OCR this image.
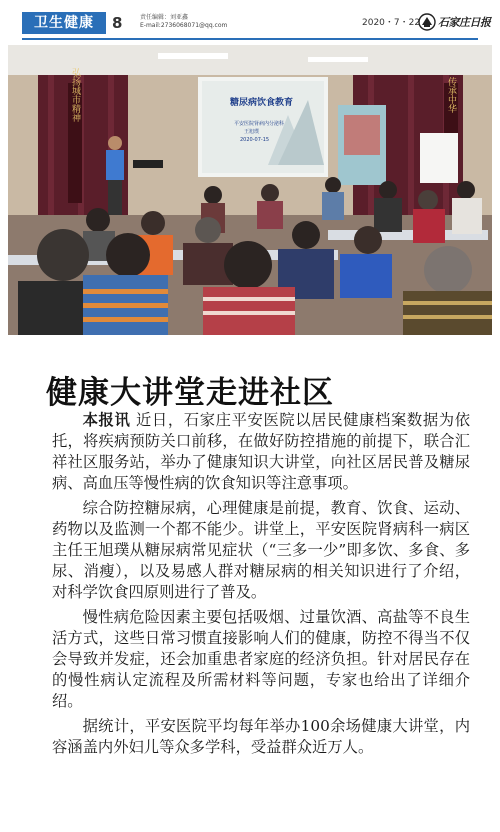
卫生健康	8	责任编辑：刘亚鑫
E-mail:2736068071@qq.com	2020・7・22 石家庄日报
弘扬城市精神	传承中华
糖尿病饮食教育
平安医院肾病内分泌科
王旭璞
2020-07-15
健康大讲堂走进社区

本报讯 近日，石家庄平安医院以居民健康档案数据为依托，将疾病预防关口前移，在做好防控措施的前提下，联合汇祥社区服务站，举办了健康知识大讲堂，向社区居民普及糖尿病、高血压等慢性病的饮食知识等注意事项。

综合防控糖尿病，心理健康是前提，教育、饮食、运动、药物以及监测一个都不能少。讲堂上，平安医院肾病科一病区主任王旭璞从糖尿病常见症状（“三多一少”即多饮、多食、多尿、消瘦），以及易感人群对糖尿病的相关知识进行了介绍，对科学饮食四原则进行了普及。

慢性病危险因素主要包括吸烟、过量饮酒、高盐等不良生活方式，这些日常习惯直接影响人们的健康，防控不得当不仅会导致并发症，还会加重患者家庭的经济负担。针对居民存在的慢性病认定流程及所需材料等问题，专家也给出了详细介绍。

据统计，平安医院平均每年举办100余场健康大讲堂，内容涵盖内外妇儿等众多学科，受益群众近万人。
